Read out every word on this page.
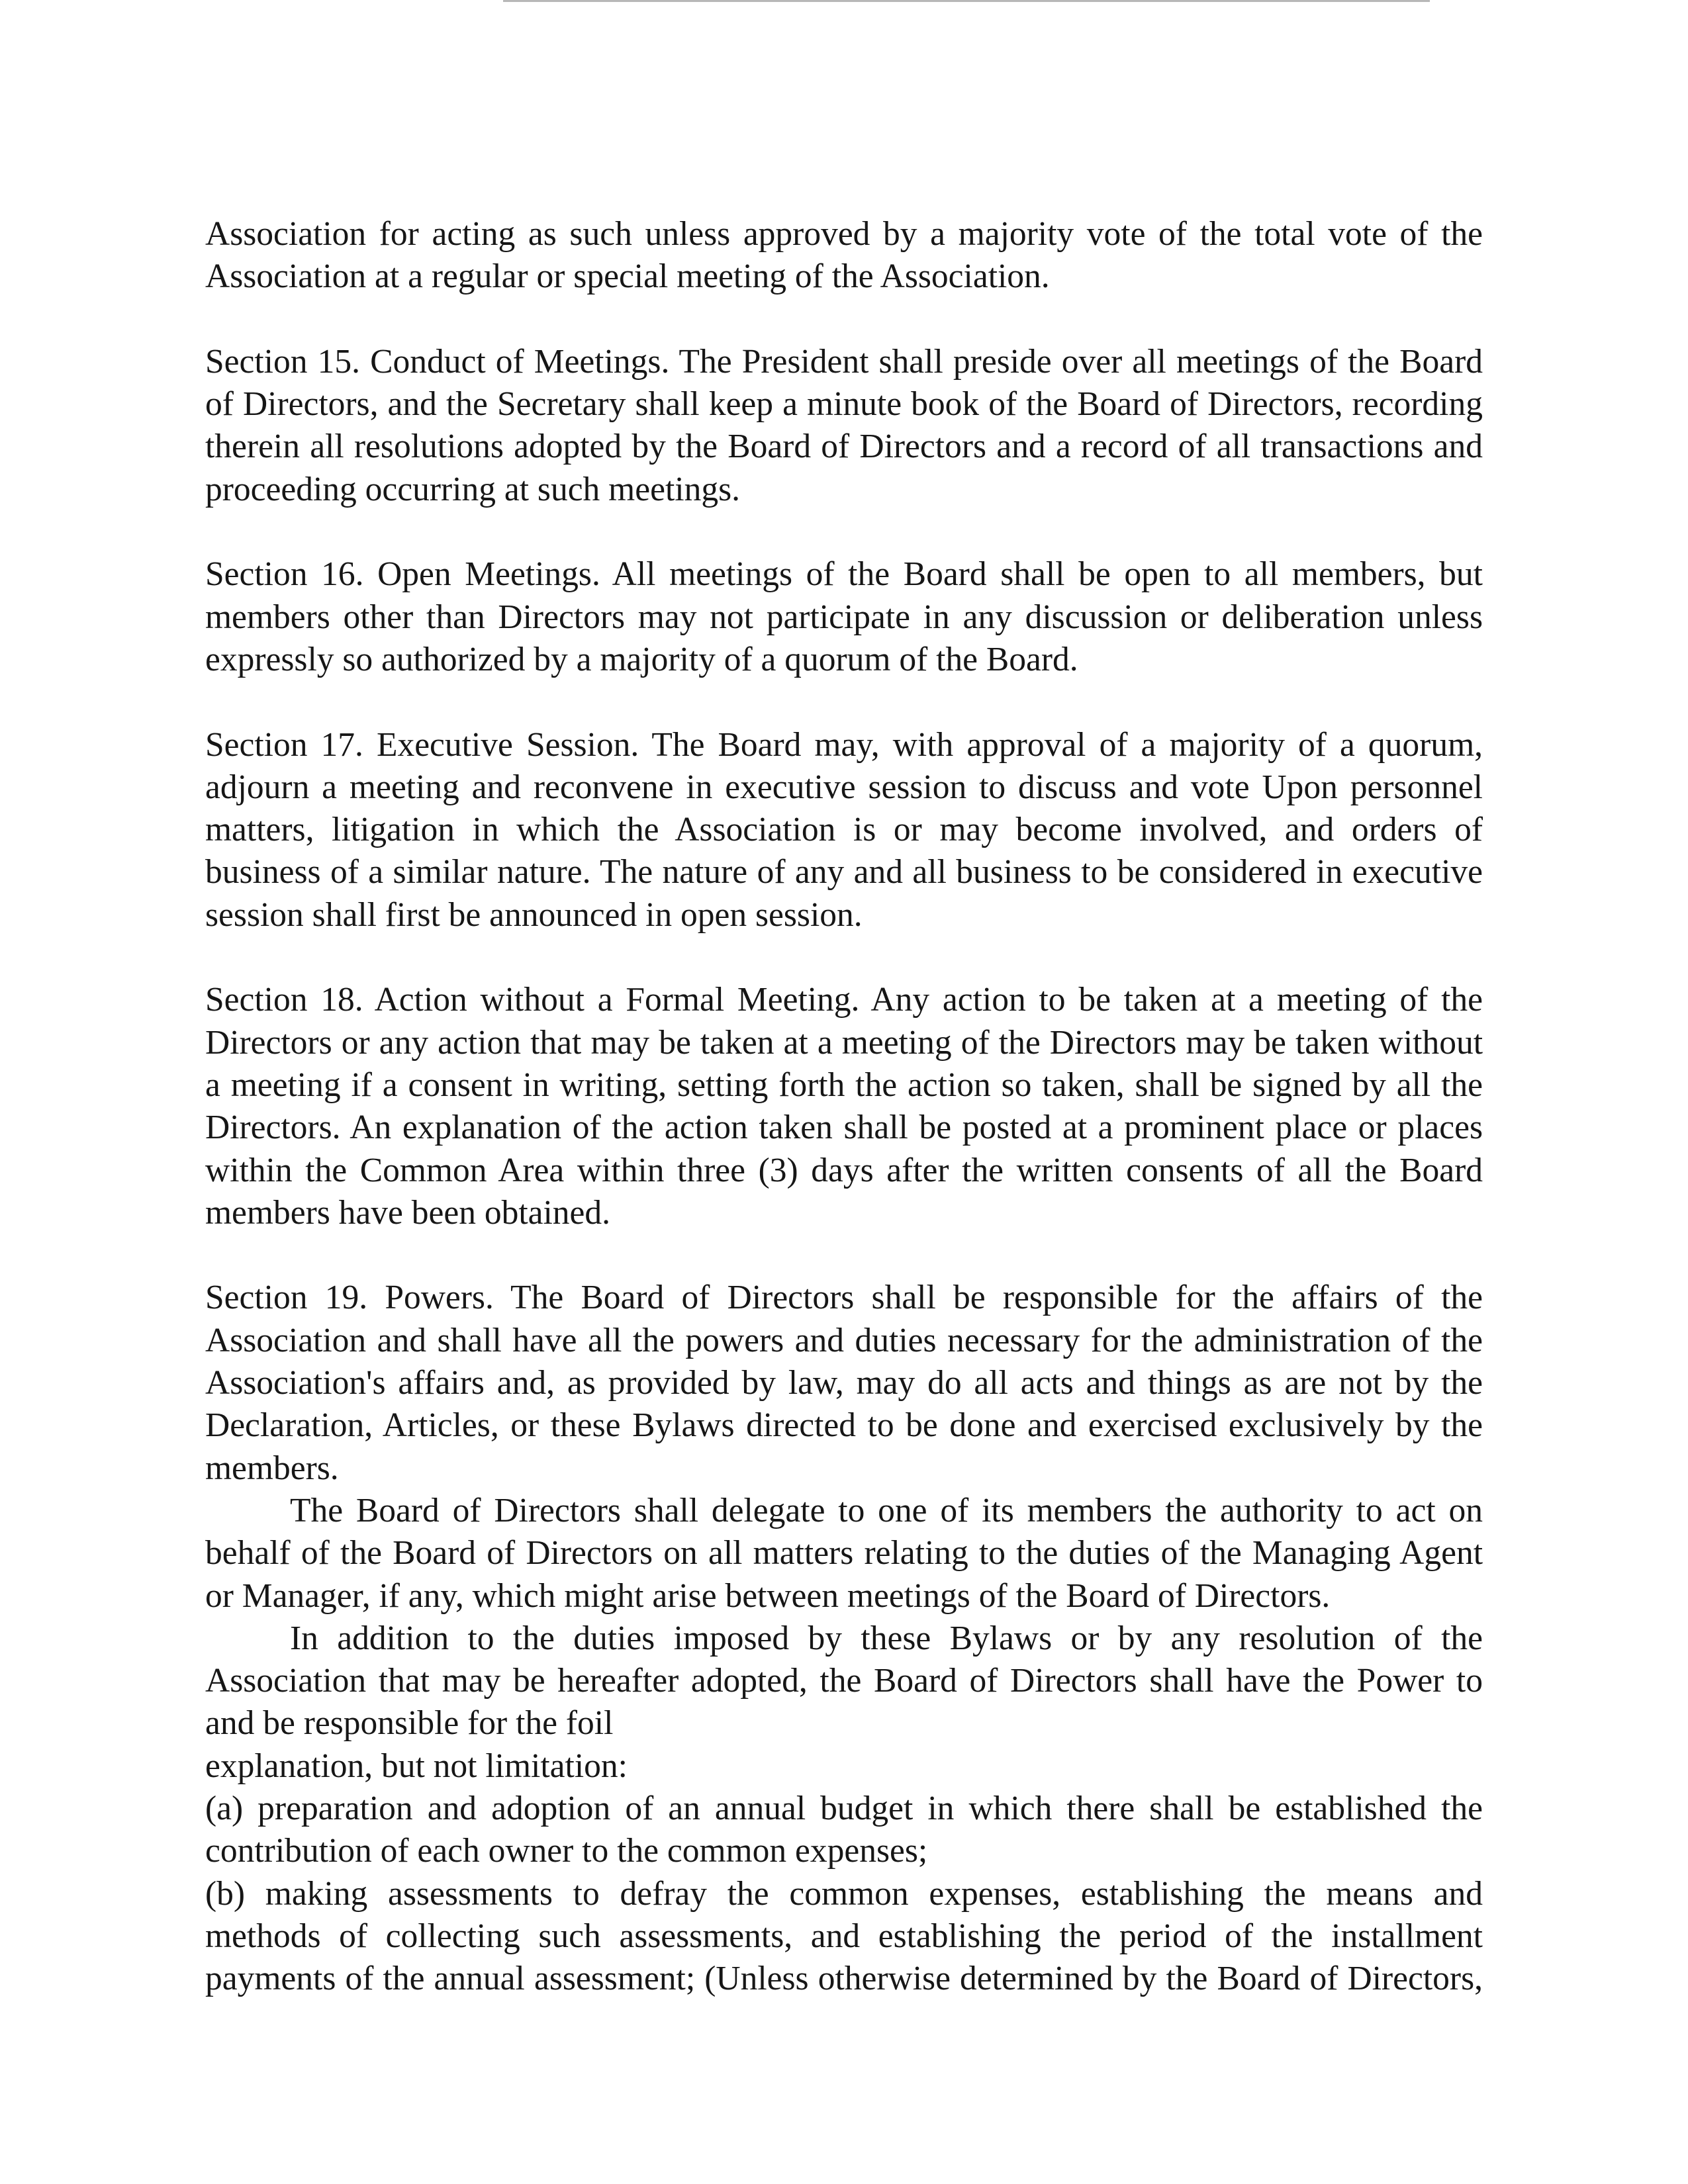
Association for acting as such unless approved by a majority vote of the total vote of the
Association at a regular or special meeting of the Association.
Section 15. Conduct of Meetings. The President shall preside over all meetings of the Board
of Directors, and the Secretary shall keep a minute book of the Board of Directors, recording
therein all resolutions adopted by the Board of Directors and a record of all transactions and
proceeding occurring at such meetings.
Section 16. Open Meetings. All meetings of the Board shall be open to all members, but
members other than Directors may not participate in any discussion or deliberation unless
expressly so authorized by a majority of a quorum of the Board.
Section 17. Executive Session. The Board may, with approval of a majority of a quorum,
adjourn a meeting and reconvene in executive session to discuss and vote Upon personnel
matters, litigation in which the Association is or may become involved, and orders of
business of a similar nature. The nature of any and all business to be considered in executive
session shall first be announced in open session.
Section 18. Action without a Formal Meeting. Any action to be taken at a meeting of the
Directors or any action that may be taken at a meeting of the Directors may be taken without
a meeting if a consent in writing, setting forth the action so taken, shall be signed by all the
Directors. An explanation of the action taken shall be posted at a prominent place or places
within the Common Area within three (3) days after the written consents of all the Board
members have been obtained.
Section 19. Powers. The Board of Directors shall be responsible for the affairs of the
Association and shall have all the powers and duties necessary for the administration of the
Association's affairs and, as provided by law, may do all acts and things as are not by the
Declaration, Articles, or these Bylaws directed to be done and exercised exclusively by the
members.
The Board of Directors shall delegate to one of its members the authority to act on
behalf of the Board of Directors on all matters relating to the duties of the Managing Agent
or Manager, if any, which might arise between meetings of the Board of Directors.
In addition to the duties imposed by these Bylaws or by any resolution of the
Association that may be hereafter adopted, the Board of Directors shall have the Power to
and be responsible for the foil
explanation, but not limitation:
(a) preparation and adoption of an annual budget in which there shall be established the
contribution of each owner to the common expenses;
(b) making assessments to defray the common expenses, establishing the means and
methods of collecting such assessments, and establishing the period of the installment
payments of the annual assessment; (Unless otherwise determined by the Board of Directors,
